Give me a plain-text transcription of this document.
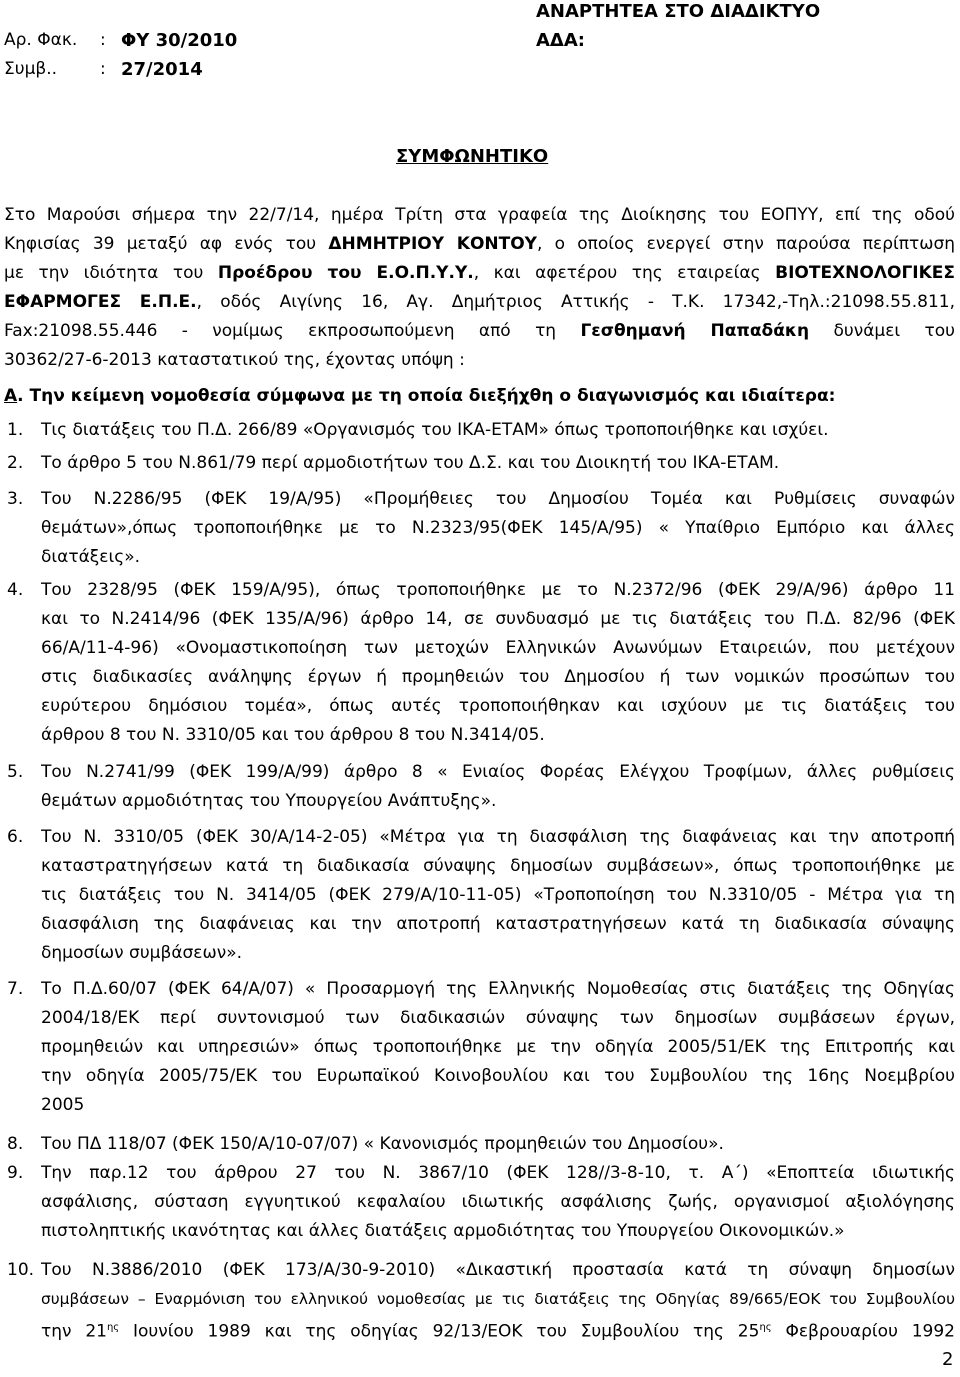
Αρ. Φακ. : ΦΥ 30/2010
Συμβ..	: 27/2014
ΑΝΑΡΤΗΤΕΑ ΣΤΟ ΔΙΑΔΙΚΤΥΟ
ΑΔΑ:
ΣΥΜΦΩΝΗΤΙΚΟ
Στο Μαρούσι σήμερα την 22/7/14, ημέρα Τρίτη στα γραφεία της Διοίκησης του ΕΟΠΥΥ, επί της οδού
Κηφισίας 39 μεταξύ αφ ενός του ΔΗΜΗΤΡΙΟΥ ΚΟΝΤΟΥ, ο οποίος ενεργεί στην παρούσα περίπτωση
με την ιδιότητα του Προέδρου του Ε.Ο.Π.Υ.Υ., και αφετέρου της εταιρείας ΒΙΟΤΕΧΝΟΛΟΓΙΚΕΣ
ΕΦΑΡΜΟΓΕΣ Ε.Π.Ε., οδός Αιγίνης 16, Αγ. Δημήτριος Αττικής - Τ.Κ. 17342,-Τηλ.:21098.55.811,
Fax:21098.55.446 - νομίμως εκπροσωπούμενη από τη Γεσθημανή Παπαδάκη δυνάμει του
30362/27-6-2013 καταστατικού της, έχοντας υπόψη :
Α. Την κείμενη νομοθεσία σύμφωνα με τη οποία διεξήχθη ο διαγωνισμός και ιδιαίτερα:
1. Τις διατάξεις του Π.Δ. 266/89 «Οργανισμός του ΙΚΑ-ΕΤΑΜ» όπως τροποποιήθηκε και ισχύει.
2. Το άρθρο 5 του Ν.861/79 περί αρμοδιοτήτων του Δ.Σ. και του Διοικητή του ΙΚΑ-ΕΤΑΜ.
3. Του Ν.2286/95 (ΦΕΚ 19/Α/95) «Προμήθειες του Δημοσίου Τομέα και Ρυθμίσεις συναφών
θεμάτων»,όπως τροποποιήθηκε με το Ν.2323/95(ΦΕΚ 145/Α/95) « Υπαίθριο Εμπόριο και άλλες
διατάξεις».
4. Του 2328/95 (ΦΕΚ 159/Α/95), όπως τροποποιήθηκε με το Ν.2372/96 (ΦΕΚ 29/Α/96) άρθρο 11
και το Ν.2414/96 (ΦΕΚ 135/Α/96) άρθρο 14, σε συνδυασμό με τις διατάξεις του Π.Δ. 82/96 (ΦΕΚ
66/Α/11-4-96) «Ονομαστικοποίηση των μετοχών Ελληνικών Ανωνύμων Εταιρειών, που μετέχουν
στις διαδικασίες ανάληψης έργων ή προμηθειών του Δημοσίου ή των νομικών προσώπων του
ευρύτερου δημόσιου τομέα», όπως αυτές τροποποιήθηκαν και ισχύουν με τις διατάξεις του
άρθρου 8 του Ν. 3310/05 και του άρθρου 8 του Ν.3414/05.
5. Του Ν.2741/99 (ΦΕΚ 199/Α/99) άρθρο 8 « Ενιαίος Φορέας Ελέγχου Τροφίμων, άλλες ρυθμίσεις
θεμάτων αρμοδιότητας του Υπουργείου Ανάπτυξης».
6. Του Ν. 3310/05 (ΦΕΚ 30/Α/14-2-05) «Μέτρα για τη διασφάλιση της διαφάνειας και την αποτροπή
καταστρατηγήσεων κατά τη διαδικασία σύναψης δημοσίων συμβάσεων», όπως τροποποιήθηκε με
τις διατάξεις του Ν. 3414/05 (ΦΕΚ 279/Α/10-11-05) «Τροποποίηση του Ν.3310/05 - Μέτρα για τη
διασφάλιση της διαφάνειας και την αποτροπή καταστρατηγήσεων κατά τη διαδικασία σύναψης
δημοσίων συμβάσεων».
7. Το Π.Δ.60/07 (ΦΕΚ 64/Α/07) « Προσαρμογή της Ελληνικής Νομοθεσίας στις διατάξεις της Οδηγίας
2004/18/ΕΚ περί συντονισμού των διαδικασιών σύναψης των δημοσίων συμβάσεων έργων,
προμηθειών και υπηρεσιών» όπως τροποποιήθηκε με την οδηγία 2005/51/ΕΚ της Επιτροπής και
την οδηγία 2005/75/ΕΚ του Ευρωπαϊκού Κοινοβουλίου και του Συμβουλίου της 16ης Νοεμβρίου
2005
8. Του ΠΔ 118/07 (ΦΕΚ 150/Α/10-07/07) « Κανονισμός προμηθειών του Δημοσίου».
9. Την παρ.12 του άρθρου 27 του Ν. 3867/10 (ΦΕΚ 128//3-8-10, τ. Α΄) «Εποπτεία ιδιωτικής
ασφάλισης, σύσταση εγγυητικού κεφαλαίου ιδιωτικής ασφάλισης ζωής, οργανισμοί αξιολόγησης
πιστοληπτικής ικανότητας και άλλες διατάξεις αρμοδιότητας του Υπουργείου Οικονομικών.»
10. Του Ν.3886/2010 (ΦΕΚ 173/Α/30-9-2010) «Δικαστική προστασία κατά τη σύναψη δημοσίων
συμβάσεων – Εναρμόνιση του ελληνικού νομοθεσίας με τις διατάξεις της Οδηγίας 89/665/ΕΟΚ του Συμβουλίου
την $21^{\eta\varsigma}$ Ιουνίου 1989 και της οδηγίας 92/13/ΕΟΚ του Συμβουλίου της $25^{\eta\varsigma}$ Φεβρουαρίου 1992
2
